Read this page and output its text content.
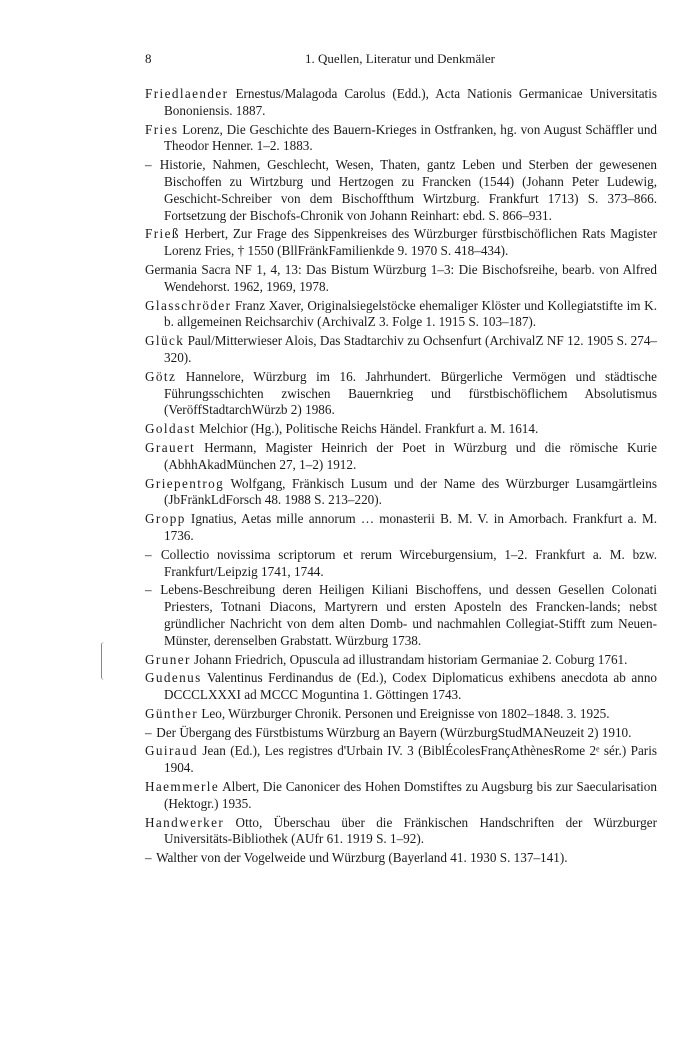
8	1. Quellen, Literatur und Denkmäler

Friedlaender Ernestus/Malagoda Carolus (Edd.), Acta Nationis Germanicae Universitatis Bononiensis. 1887.

Fries Lorenz, Die Geschichte des Bauern-Krieges in Ostfranken, hg. von August Schäffler und Theodor Henner. 1–2. 1883.

– Historie, Nahmen, Geschlecht, Wesen, Thaten, gantz Leben und Sterben der gewesenen Bischoffen zu Wirtzburg und Hertzogen zu Francken (1544) (Johann Peter Ludewig, Geschicht-Schreiber von dem Bischoffthum Wirtzburg. Frankfurt 1713) S. 373–866. Fortsetzung der Bischofs-Chronik von Johann Reinhart: ebd. S. 866–931.

Frieß Herbert, Zur Frage des Sippenkreises des Würzburger fürstbischöflichen Rats Magister Lorenz Fries, † 1550 (BllFränkFamilienkde 9. 1970 S. 418–434).

Germania Sacra NF 1, 4, 13: Das Bistum Würzburg 1–3: Die Bischofsreihe, bearb. von Alfred Wendehorst. 1962, 1969, 1978.

Glasschröder Franz Xaver, Originalsiegelstöcke ehemaliger Klöster und Kollegiatstifte im K. b. allgemeinen Reichsarchiv (ArchivalZ 3. Folge 1. 1915 S. 103–187).

Glück Paul/Mitterwieser Alois, Das Stadtarchiv zu Ochsenfurt (ArchivalZ NF 12. 1905 S. 274–320).

Götz Hannelore, Würzburg im 16. Jahrhundert. Bürgerliche Vermögen und städtische Führungsschichten zwischen Bauernkrieg und fürstbischöflichem Absolutismus (VeröffStadtarchWürzb 2) 1986.

Goldast Melchior (Hg.), Politische Reichs Händel. Frankfurt a. M. 1614.

Grauert Hermann, Magister Heinrich der Poet in Würzburg und die römische Kurie (AbhhAkadMünchen 27, 1–2) 1912.

Griepentrog Wolfgang, Fränkisch Lusum und der Name des Würzburger Lusamgärtleins (JbFränkLdForsch 48. 1988 S. 213–220).

Gropp Ignatius, Aetas mille annorum … monasterii B. M. V. in Amorbach. Frankfurt a. M. 1736.

– Collectio novissima scriptorum et rerum Wirceburgensium, 1–2. Frankfurt a. M. bzw. Frankfurt/Leipzig 1741, 1744.

– Lebens-Beschreibung deren Heiligen Kiliani Bischoffens, und dessen Gesellen Colonati Priesters, Totnani Diacons, Martyrern und ersten Aposteln des Francken-lands; nebst gründlicher Nachricht von dem alten Domb- und nachmahlen Collegiat-Stifft zum Neuen-Münster, derenselben Grabstatt. Würzburg 1738.

Gruner Johann Friedrich, Opuscula ad illustrandam historiam Germaniae 2. Coburg 1761.

Gudenus Valentinus Ferdinandus de (Ed.), Codex Diplomaticus exhibens anecdota ab anno DCCCLXXXI ad MCCC Moguntina 1. Göttingen 1743.

Günther Leo, Würzburger Chronik. Personen und Ereignisse von 1802–1848. 3. 1925.

– Der Übergang des Fürstbistums Würzburg an Bayern (WürzburgStudMANeuzeit 2) 1910.

Guiraud Jean (Ed.), Les registres d'Urbain IV. 3 (BiblÉcolesFrançAthènesRome 2ᵉ sér.) Paris 1904.

Haemmerle Albert, Die Canonicer des Hohen Domstiftes zu Augsburg bis zur Saecularisation (Hektogr.) 1935.

Handwerker Otto, Überschau über die Fränkischen Handschriften der Würzburger Universitäts-Bibliothek (AUfr 61. 1919 S. 1–92).

– Walther von der Vogelweide und Würzburg (Bayerland 41. 1930 S. 137–141).
